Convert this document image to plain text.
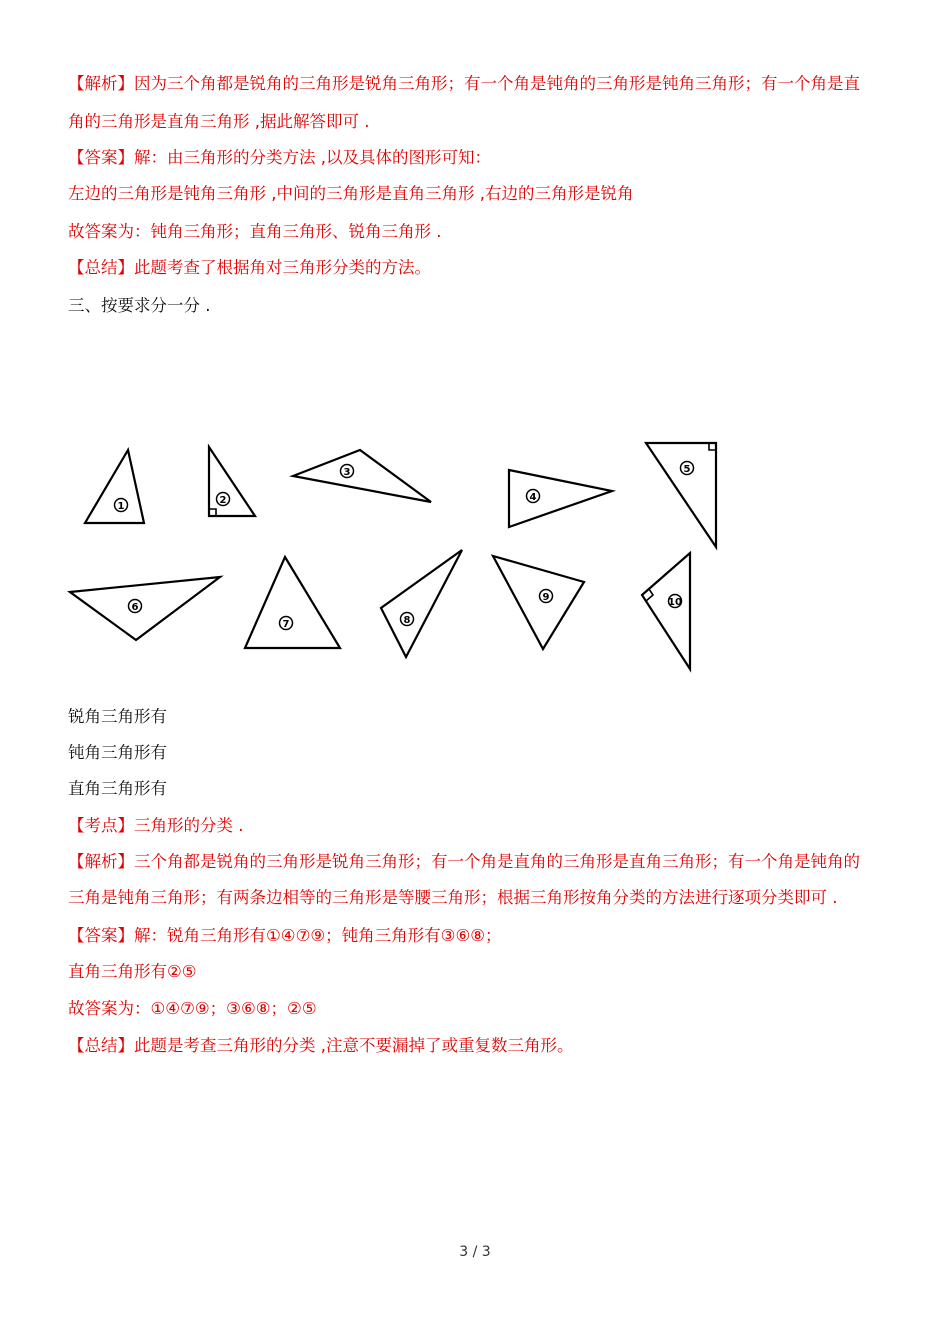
【解析】因为三个角都是锐角的三角形是锐角三角形；有一个角是钝角的三角形是钝角三角形；有一个角是直
角的三角形是直角三角形 ,据此解答即可 .
【答案】解：由三角形的分类方法 ,以及具体的图形可知：
左边的三角形是钝角三角形 ,中间的三角形是直角三角形 ,右边的三角形是锐角
故答案为：钝角三角形；直角三角形、锐角三角形 .
【总结】此题考查了根据角对三角形分类的方法。
三、按要求分一分 .
1
2
3
4
5
6
7	8
9	10
锐角三角形有
钝角三角形有
直角三角形有
【考点】三角形的分类 .
【解析】三个角都是锐角的三角形是锐角三角形；有一个角是直角的三角形是直角三角形；有一个角是钝角的
三角是钝角三角形；有两条边相等的三角形是等腰三角形；根据三角形按角分类的方法进行逐项分类即可 .
【答案】解：锐角三角形有①④⑦⑨；钝角三角形有③⑥⑧；
直角三角形有②⑤
故答案为：①④⑦⑨；③⑥⑧；②⑤
【总结】此题是考查三角形的分类 ,注意不要漏掉了或重复数三角形。
3 / 3
